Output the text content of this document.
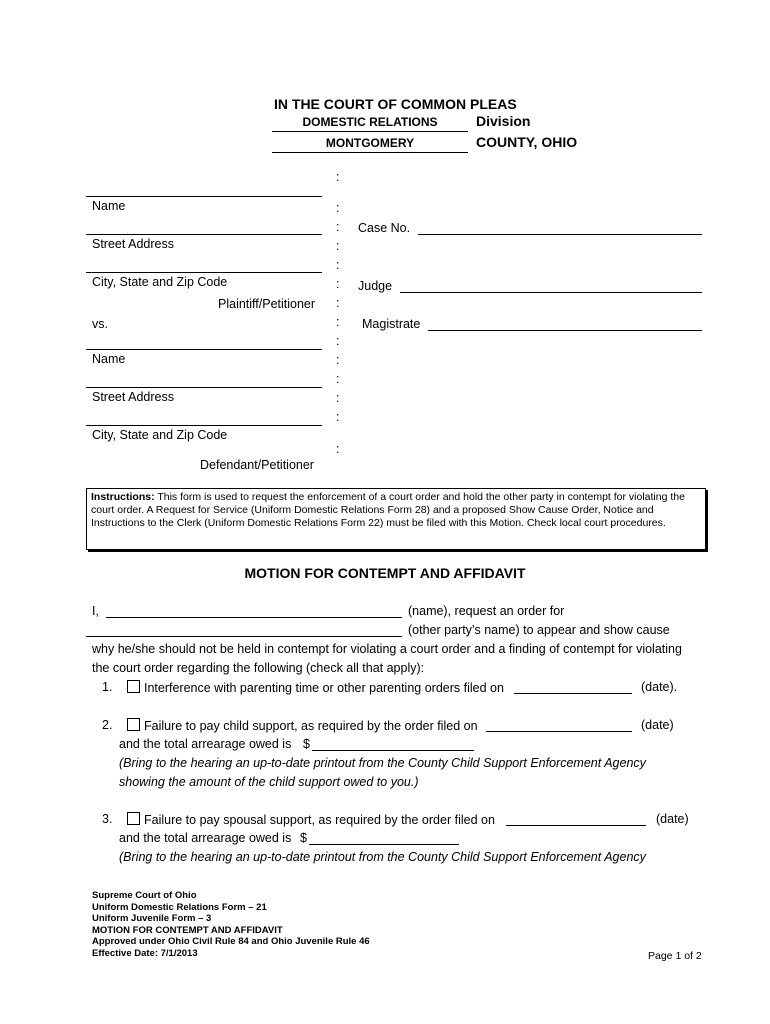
IN THE COURT OF COMMON PLEAS
DOMESTIC RELATIONS	Division
MONTGOMERY	COUNTY, OHIO
Name
Street Address
City, State and Zip Code
Plaintiff/Petitioner
vs.
Name
Street Address
City, State and Zip Code
Defendant/Petitioner
:
:
:
:
:
:
:
:
:
:
:
:
:
:
Case No.
Judge
Magistrate
Instructions: This form is used to request the enforcement of a court order and hold the other party in contempt for violating the court order. A Request for Service (Uniform Domestic Relations Form 28) and a proposed Show Cause Order, Notice and Instructions to the Clerk (Uniform Domestic Relations Form 22) must be filed with this Motion. Check local court procedures.
MOTION FOR CONTEMPT AND AFFIDAVIT
I,	(name), request an order for
(other party’s name) to appear and show cause
why he/she should not be held in contempt for violating a court order and a finding of contempt for violating
the court order regarding the following (check all that apply):
1.	Interference with parenting time or other parenting orders filed on	(date).
2.	Failure to pay child support, as required by the order filed on	(date)
and the total arrearage owed is $
(Bring to the hearing an up-to-date printout from the County Child Support Enforcement Agency
showing the amount of the child support owed to you.)
3.	Failure to pay spousal support, as required by the order filed on	(date)
and the total arrearage owed is $
(Bring to the hearing an up-to-date printout from the County Child Support Enforcement Agency
Supreme Court of Ohio
Uniform Domestic Relations Form – 21
Uniform Juvenile Form – 3
MOTION FOR CONTEMPT AND AFFIDAVIT
Approved under Ohio Civil Rule 84 and Ohio Juvenile Rule 46
Effective Date: 7/1/2013	Page 1 of 2
